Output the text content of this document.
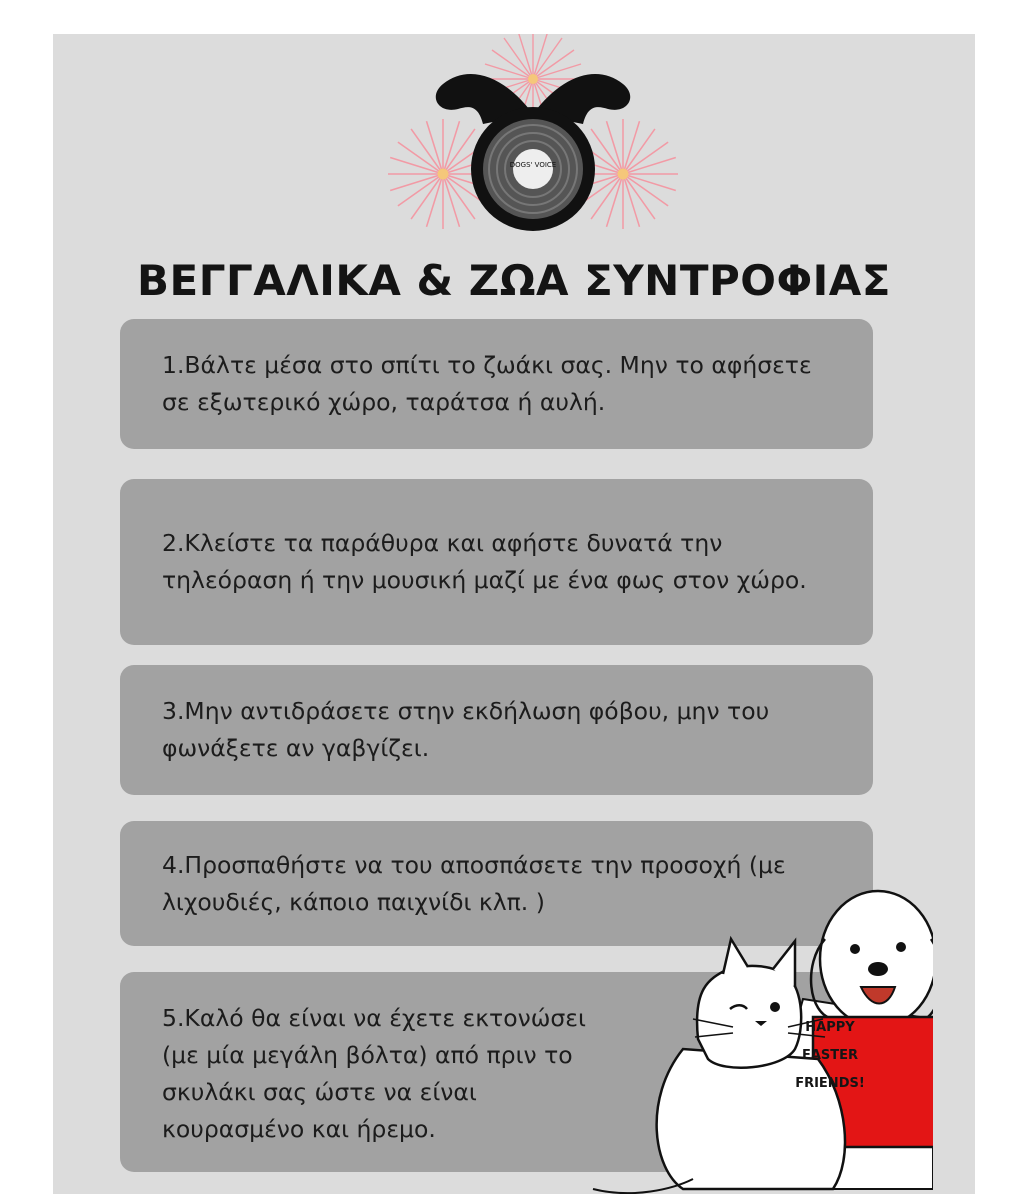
DOGS' VOICE
ΒΕΓΓΑΛΙΚΑ & ΖΩΑ ΣΥΝΤΡΟΦΙΑΣ

1.Βάλτε μέσα στο σπίτι το ζωάκι σας. Μην το αφήσετε σε εξωτερικό χώρο, ταράτσα ή αυλή.
2.Κλείστε τα παράθυρα και αφήστε δυνατά την τηλεόραση ή την μουσική μαζί με ένα φως στον χώρο.
3.Μην αντιδράσετε στην εκδήλωση φόβου, μην του φωνάξετε αν γαβγίζει.
4.Προσπαθήστε να του αποσπάσετε την προσοχή (με λιχουδιές, κάποιο παιχνίδι κλπ. )
5.Καλό θα είναι να έχετε εκτονώσει (με μία μεγάλη βόλτα) από πριν το σκυλάκι σας ώστε να είναι κουρασμένο και ήρεμο.
HAPPY
EASTER
FRIENDS!
